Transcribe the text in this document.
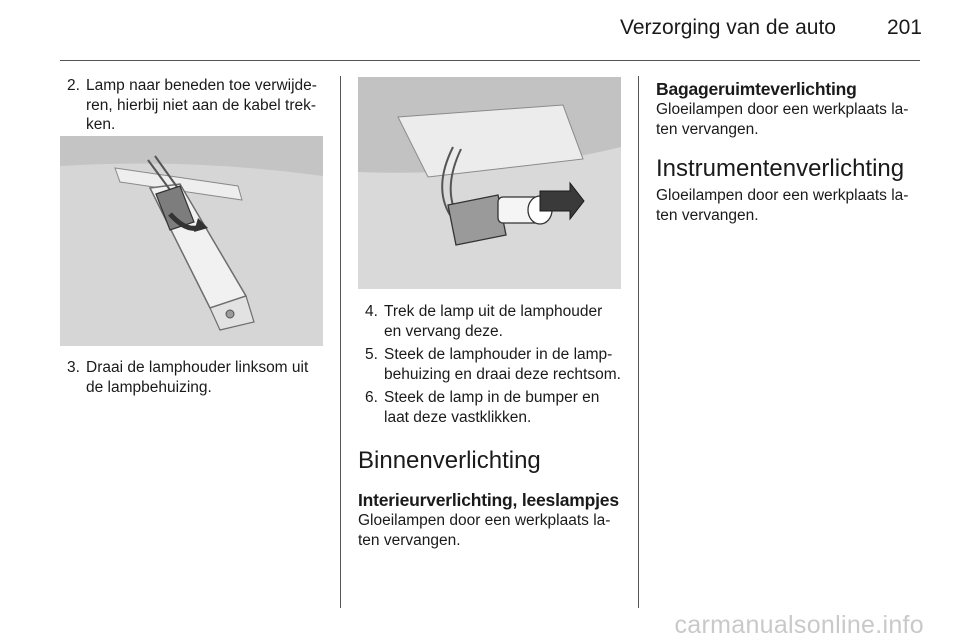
Verzorging van de auto 201

2. Lamp naar beneden toe verwijderen, hierbij niet aan de kabel trekken.

3. Draai de lamphouder linksom uit de lampbehuizing.

4. Trek de lamp uit de lamphouder en vervang deze.

5. Steek de lamphouder in de lampbehuizing en draai deze rechtsom.

6. Steek de lamp in de bumper en laat deze vastklikken.

Binnenverlichting
Interieurverlichting, leeslampjes

Gloeilampen door een werkplaats laten vervangen.

Bagageruimteverlichting

Gloeilampen door een werkplaats laten vervangen.

Instrumentenverlichting

Gloeilampen door een werkplaats laten vervangen.

carmanualsonline.info
